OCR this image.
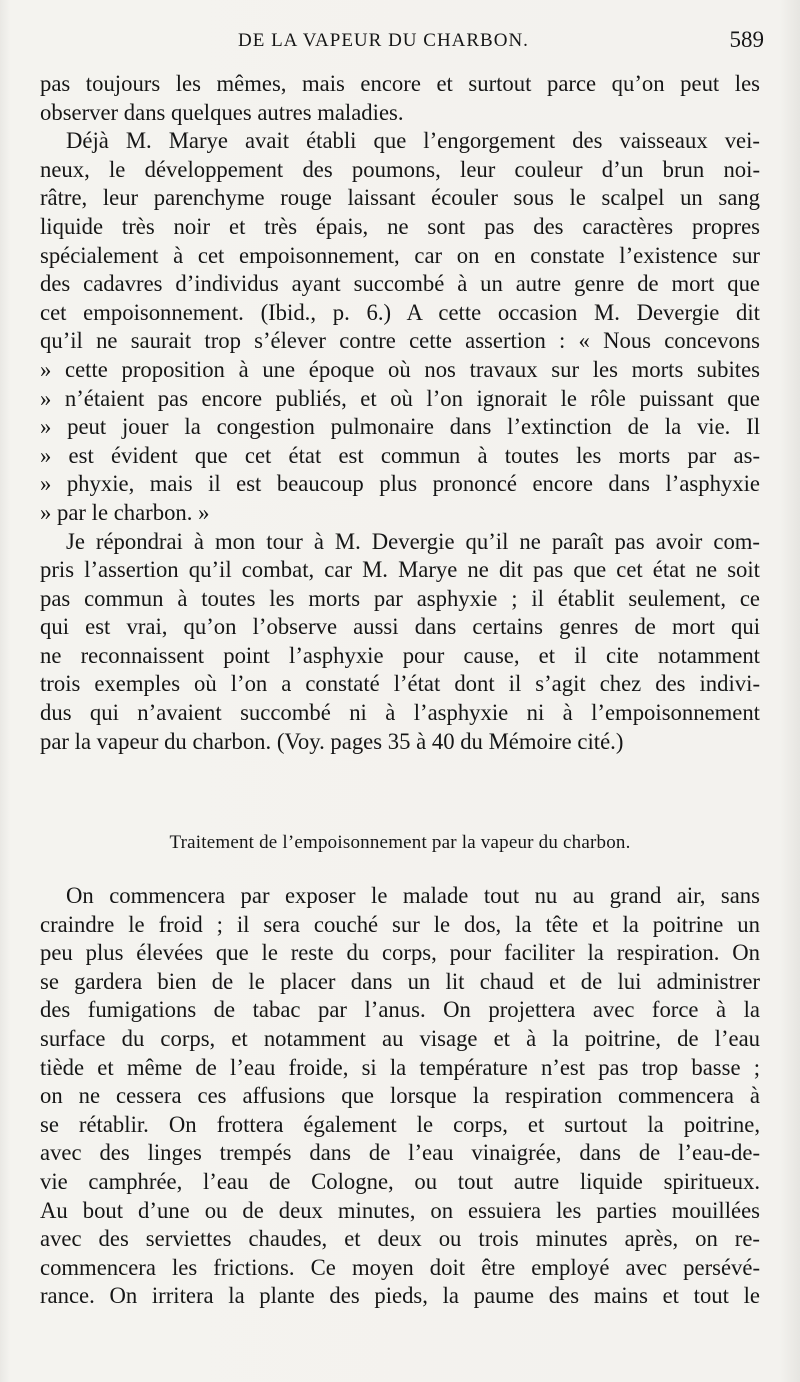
DE LA VAPEUR DU CHARBON.	589
pas toujours les mêmes, mais encore et surtout parce qu’on peut les
observer dans quelques autres maladies.
Déjà M. Marye avait établi que l’engorgement des vaisseaux vei-
neux, le développement des poumons, leur couleur d’un brun noi-
râtre, leur parenchyme rouge laissant écouler sous le scalpel un sang
liquide très noir et très épais, ne sont pas des caractères propres
spécialement à cet empoisonnement, car on en constate l’existence sur
des cadavres d’individus ayant succombé à un autre genre de mort que
cet empoisonnement. (Ibid., p. 6.) A cette occasion M. Devergie dit
qu’il ne saurait trop s’élever contre cette assertion : « Nous concevons
» cette proposition à une époque où nos travaux sur les morts subites
» n’étaient pas encore publiés, et où l’on ignorait le rôle puissant que
» peut jouer la congestion pulmonaire dans l’extinction de la vie. Il
» est évident que cet état est commun à toutes les morts par as-
» phyxie, mais il est beaucoup plus prononcé encore dans l’asphyxie
» par le charbon. »
Je répondrai à mon tour à M. Devergie qu’il ne paraît pas avoir com-
pris l’assertion qu’il combat, car M. Marye ne dit pas que cet état ne soit
pas commun à toutes les morts par asphyxie ; il établit seulement, ce
qui est vrai, qu’on l’observe aussi dans certains genres de mort qui
ne reconnaissent point l’asphyxie pour cause, et il cite notamment
trois exemples où l’on a constaté l’état dont il s’agit chez des indivi-
dus qui n’avaient succombé ni à l’asphyxie ni à l’empoisonnement
par la vapeur du charbon. (Voy. pages 35 à 40 du Mémoire cité.)
Traitement de l’empoisonnement par la vapeur du charbon.
On commencera par exposer le malade tout nu au grand air, sans
craindre le froid ; il sera couché sur le dos, la tête et la poitrine un
peu plus élevées que le reste du corps, pour faciliter la respiration. On
se gardera bien de le placer dans un lit chaud et de lui administrer
des fumigations de tabac par l’anus. On projettera avec force à la
surface du corps, et notamment au visage et à la poitrine, de l’eau
tiède et même de l’eau froide, si la température n’est pas trop basse ;
on ne cessera ces affusions que lorsque la respiration commencera à
se rétablir. On frottera également le corps, et surtout la poitrine,
avec des linges trempés dans de l’eau vinaigrée, dans de l’eau-de-
vie camphrée, l’eau de Cologne, ou tout autre liquide spiritueux.
Au bout d’une ou de deux minutes, on essuiera les parties mouillées
avec des serviettes chaudes, et deux ou trois minutes après, on re-
commencera les frictions. Ce moyen doit être employé avec persévé-
rance. On irritera la plante des pieds, la paume des mains et tout le
